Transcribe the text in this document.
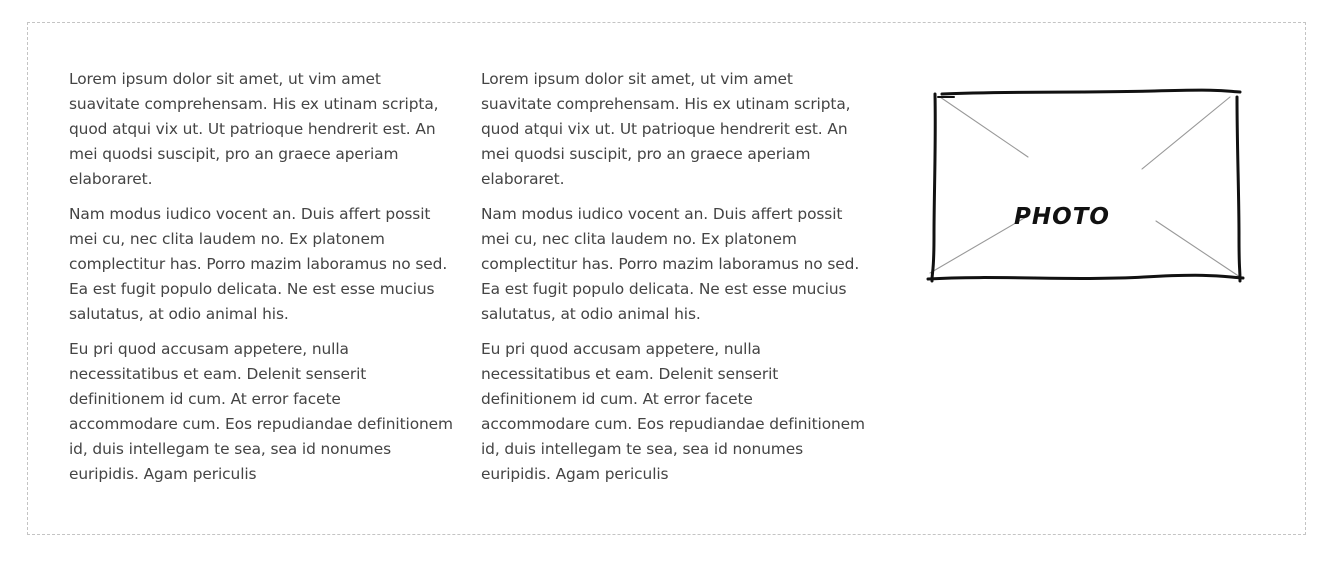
Lorem ipsum dolor sit amet, ut vim amet suavitate comprehensam. His ex utinam scripta, quod atqui vix ut. Ut patrioque hendrerit est. An mei quodsi suscipit, pro an graece aperiam elaboraret.

Nam modus iudico vocent an. Duis affert possit mei cu, nec clita laudem no. Ex platonem complectitur has. Porro mazim laboramus no sed. Ea est fugit populo delicata. Ne est esse mucius salutatus, at odio animal his.

Eu pri quod accusam appetere, nulla necessitatibus et eam. Delenit senserit definitionem id cum. At error facete accommodare cum. Eos repudiandae definitionem id, duis intellegam te sea, sea id nonumes euripidis. Agam periculis

Lorem ipsum dolor sit amet, ut vim amet suavitate comprehensam. His ex utinam scripta, quod atqui vix ut. Ut patrioque hendrerit est. An mei quodsi suscipit, pro an graece aperiam elaboraret.

Nam modus iudico vocent an. Duis affert possit mei cu, nec clita laudem no. Ex platonem complectitur has. Porro mazim laboramus no sed. Ea est fugit populo delicata. Ne est esse mucius salutatus, at odio animal his.

Eu pri quod accusam appetere, nulla necessitatibus et eam. Delenit senserit definitionem id cum. At error facete accommodare cum. Eos repudiandae definitionem id, duis intellegam te sea, sea id nonumes euripidis. Agam periculis

PHOTO
